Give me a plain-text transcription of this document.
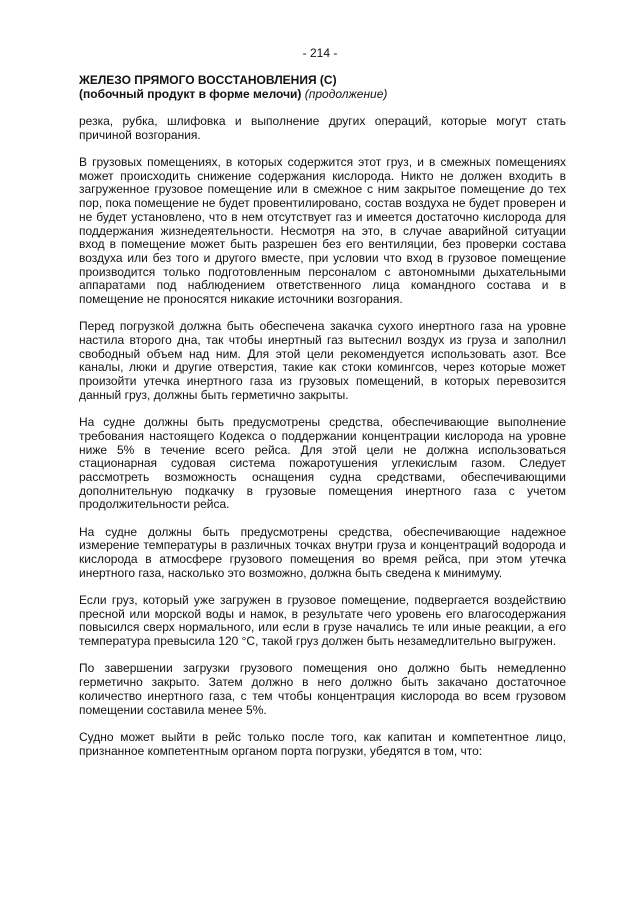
- 214 -
ЖЕЛЕЗО ПРЯМОГО ВОССТАНОВЛЕНИЯ (С)
(побочный продукт в форме мелочи) (продолжение)

резка, рубка, шлифовка и выполнение других операций, которые могут стать причиной возгорания.

В грузовых помещениях, в которых содержится этот груз, и в смежных помещениях может происходить снижение содержания кислорода. Никто не должен входить в загруженное грузовое помещение или в смежное с ним закрытое помещение до тех пор, пока помещение не будет провентилировано, состав воздуха не будет проверен и не будет установлено, что в нем отсутствует газ и имеется достаточно кислорода для поддержания жизнедеятельности. Несмотря на это, в случае аварийной ситуации вход в помещение может быть разрешен без его вентиляции, без проверки состава воздуха или без того и другого вместе, при условии что вход в грузовое помещение производится только подготовленным персоналом с автономными дыхательными аппаратами под наблюдением ответственного лица командного состава и в помещение не проносятся никакие источники возгорания.

Перед погрузкой должна быть обеспечена закачка сухого инертного газа на уровне настила второго дна, так чтобы инертный газ вытеснил воздух из груза и заполнил свободный объем над ним. Для этой цели рекомендуется использовать азот. Все каналы, люки и другие отверстия, такие как стоки комингсов, через которые может произойти утечка инертного газа из грузовых помещений, в которых перевозится данный груз, должны быть герметично закрыты.

На судне должны быть предусмотрены средства, обеспечивающие выполнение требования настоящего Кодекса о поддержании концентрации кислорода на уровне ниже 5% в течение всего рейса. Для этой цели не должна использоваться стационарная судовая система пожаротушения углекислым газом. Следует рассмотреть возможность оснащения судна средствами, обеспечивающими дополнительную подкачку в грузовые помещения инертного газа с учетом продолжительности рейса.

На судне должны быть предусмотрены средства, обеспечивающие надежное измерение температуры в различных точках внутри груза и концентраций водорода и кислорода в атмосфере грузового помещения во время рейса, при этом утечка инертного газа, насколько это возможно, должна быть сведена к минимуму.

Если груз, который уже загружен в грузовое помещение, подвергается воздействию пресной или морской воды и намок, в результате чего уровень его влагосодержания повысился сверх нормального, или если в грузе начались те или иные реакции, а его температура превысила 120 °С, такой груз должен быть незамедлительно выгружен.

По завершении загрузки грузового помещения оно должно быть немедленно герметично закрыто. Затем должно в него должно быть закачано достаточное количество инертного газа, с тем чтобы концентрация кислорода во всем грузовом помещении составила менее 5%.

Судно может выйти в рейс только после того, как капитан и компетентное лицо, признанное компетентным органом порта погрузки, убедятся в том, что:
